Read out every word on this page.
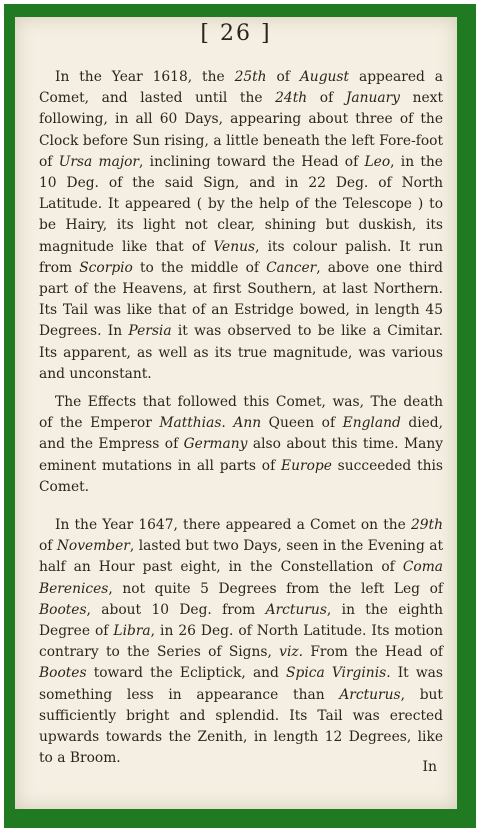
[ 26 ]

In the Year 1618, the 25th of August appeared a Comet, and lasted until the 24th of January next following, in all 60 Days, appearing about three of the Clock before Sun rising, a little beneath the left Fore-foot of Ursa major, inclining toward the Head of Leo, in the 10 Deg. of the said Sign, and in 22 Deg. of North Latitude. It appeared ( by the help of the Telescope ) to be Hairy, its light not clear, shining but duskish, its magnitude like that of Venus, its colour palish. It run from Scorpio to the middle of Cancer, above one third part of the Heavens, at first Southern, at last Northern. Its Tail was like that of an Estridge bowed, in length 45 Degrees. In Persia it was observed to be like a Cimitar. Its apparent, as well as its true magnitude, was various and unconstant.

The Effects that followed this Comet, was, The death of the Emperor Matthias. Ann Queen of England died, and the Empress of Germany also about this time. Many eminent mutations in all parts of Europe succeeded this Comet.

In the Year 1647, there appeared a Comet on the 29th of November, lasted but two Days, seen in the Evening at half an Hour past eight, in the Constellation of Coma Berenices, not quite 5 Degrees from the left Leg of Bootes, about 10 Deg. from Arcturus, in the eighth Degree of Libra, in 26 Deg. of North Latitude. Its motion contrary to the Series of Signs, viz. From the Head of Bootes toward the Ecliptick, and Spica Virginis. It was something less in appearance than Arcturus, but sufficiently bright and splendid. Its Tail was erected upwards towards the Zenith, in length 12 Degrees, like to a Broom.

In
